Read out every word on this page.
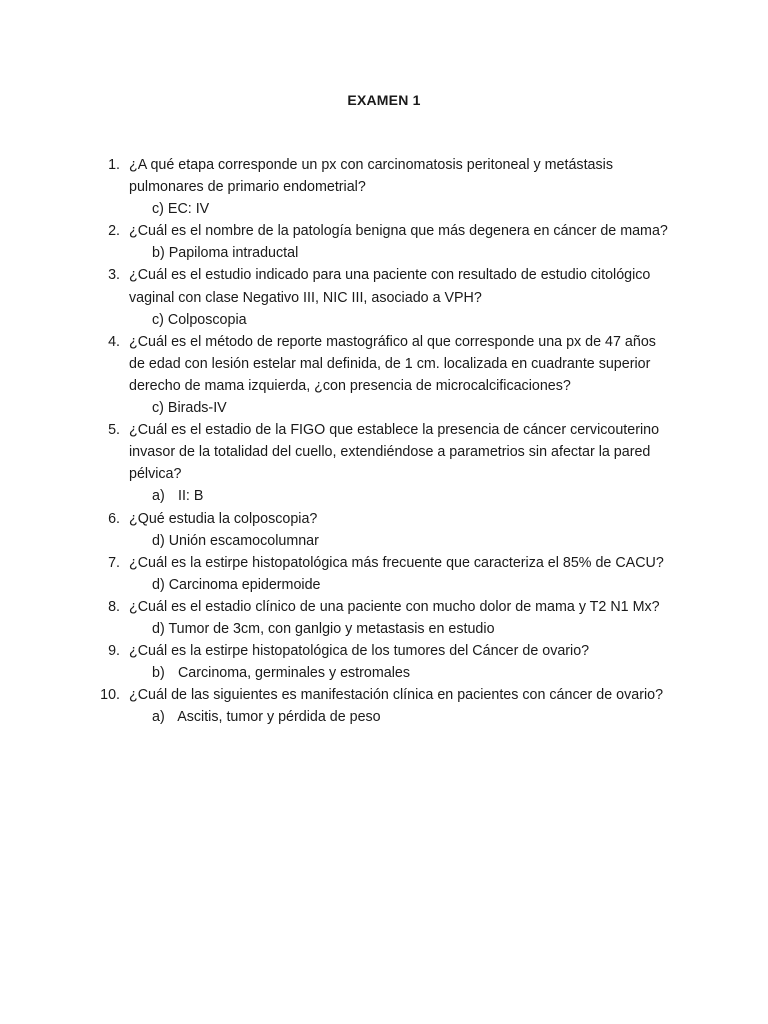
EXAMEN 1
1. ¿A qué etapa corresponde un px con carcinomatosis peritoneal y metástasis pulmonares de primario endometrial?
c) EC: IV
2. ¿Cuál es el nombre de la patología benigna que más degenera en cáncer de mama?
b) Papiloma intraductal
3. ¿Cuál es el estudio indicado para una paciente con resultado de estudio citológico vaginal con clase Negativo III, NIC III, asociado a VPH?
c) Colposcopia
4. ¿Cuál es el método de reporte mastográfico al que corresponde una px de 47 años de edad con lesión estelar mal definida, de 1 cm. localizada en cuadrante superior derecho de mama izquierda, ¿con presencia de microcalcificaciones?
c) Birads-IV
5. ¿Cuál es el estadio de la FIGO que establece la presencia de cáncer cervicouterino invasor de la totalidad del cuello, extendiéndose a parametrios sin afectar la pared pélvica?
a) II: B
6. ¿Qué estudia la colposcopia?
d) Unión escamocolumnar
7. ¿Cuál es la estirpe histopatológica más frecuente que caracteriza el 85% de CACU?
d) Carcinoma epidermoide
8. ¿Cuál es el estadio clínico de una paciente con mucho dolor de mama y T2 N1 Mx?
d) Tumor de 3cm, con ganlgio y metastasis en estudio
9. ¿Cuál es la estirpe histopatológica de los tumores del Cáncer de ovario?
b) Carcinoma, germinales y estromales
10. ¿Cuál de las siguientes es manifestación clínica en pacientes con cáncer de ovario?
a) Ascitis, tumor y pérdida de peso
